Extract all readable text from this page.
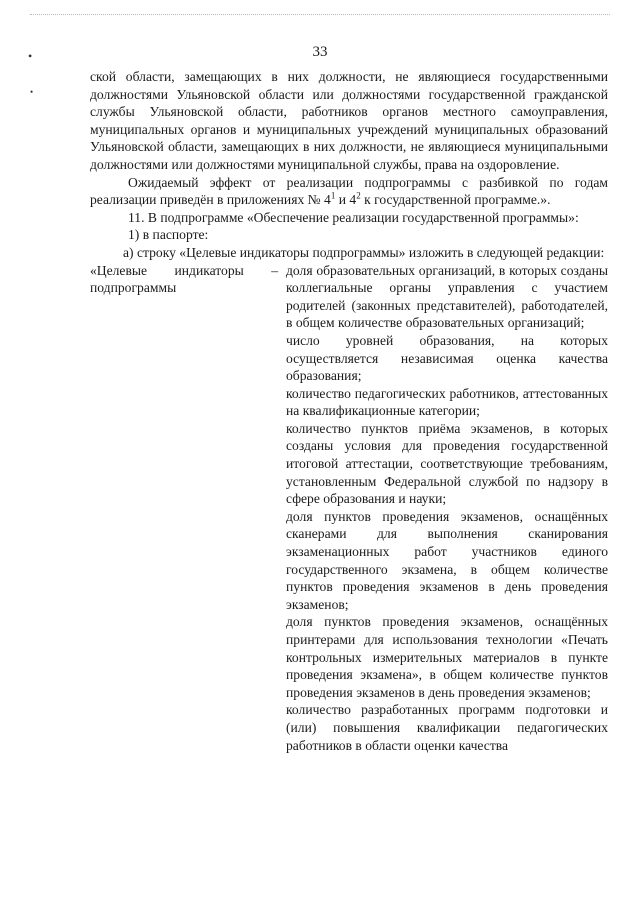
•
•
33

ской области, замещающих в них должности, не являющиеся государственными должностями Ульяновской области или должностями государственной гражданской службы Ульяновской области, работников органов местного самоуправления, муниципальных органов и муниципальных учреждений муниципальных образований Ульяновской области, замещающих в них должности, не являющиеся муниципальными должностями или должностями муниципальной службы, права на оздоровление.

Ожидаемый эффект от реализации подпрограммы с разбивкой по годам реализации приведён в приложениях № $4^1$ и $4^2$ к государственной программе.».

11. В подпрограмме «Обеспечение реализации государственной программы»:

1) в паспорте:

а) строку «Целевые индикаторы подпрограммы» изложить в следующей редакции:

«Целевые индикаторы – подпрограммы

доля образовательных организаций, в которых созданы коллегиальные органы управления с участием родителей (законных представителей), работодателей, в общем количестве образовательных организаций;

число уровней образования, на которых осуществляется независимая оценка качества образования;

количество педагогических работников, аттестованных на квалификационные категории;

количество пунктов приёма экзаменов, в которых созданы условия для проведения государственной итоговой аттестации, соответствующие требованиям, установленным Федеральной службой по надзору в сфере образования и науки;

доля пунктов проведения экзаменов, оснащённых сканерами для выполнения сканирования экзаменационных работ участников единого государственного экзамена, в общем количестве пунктов проведения экзаменов в день проведения экзаменов;

доля пунктов проведения экзаменов, оснащённых принтерами для использования технологии «Печать контрольных измерительных материалов в пункте проведения экзамена», в общем количестве пунктов проведения экзаменов в день проведения экзаменов;

количество разработанных программ подготовки и (или) повышения квалификации педагогических работников в области оценки качества
